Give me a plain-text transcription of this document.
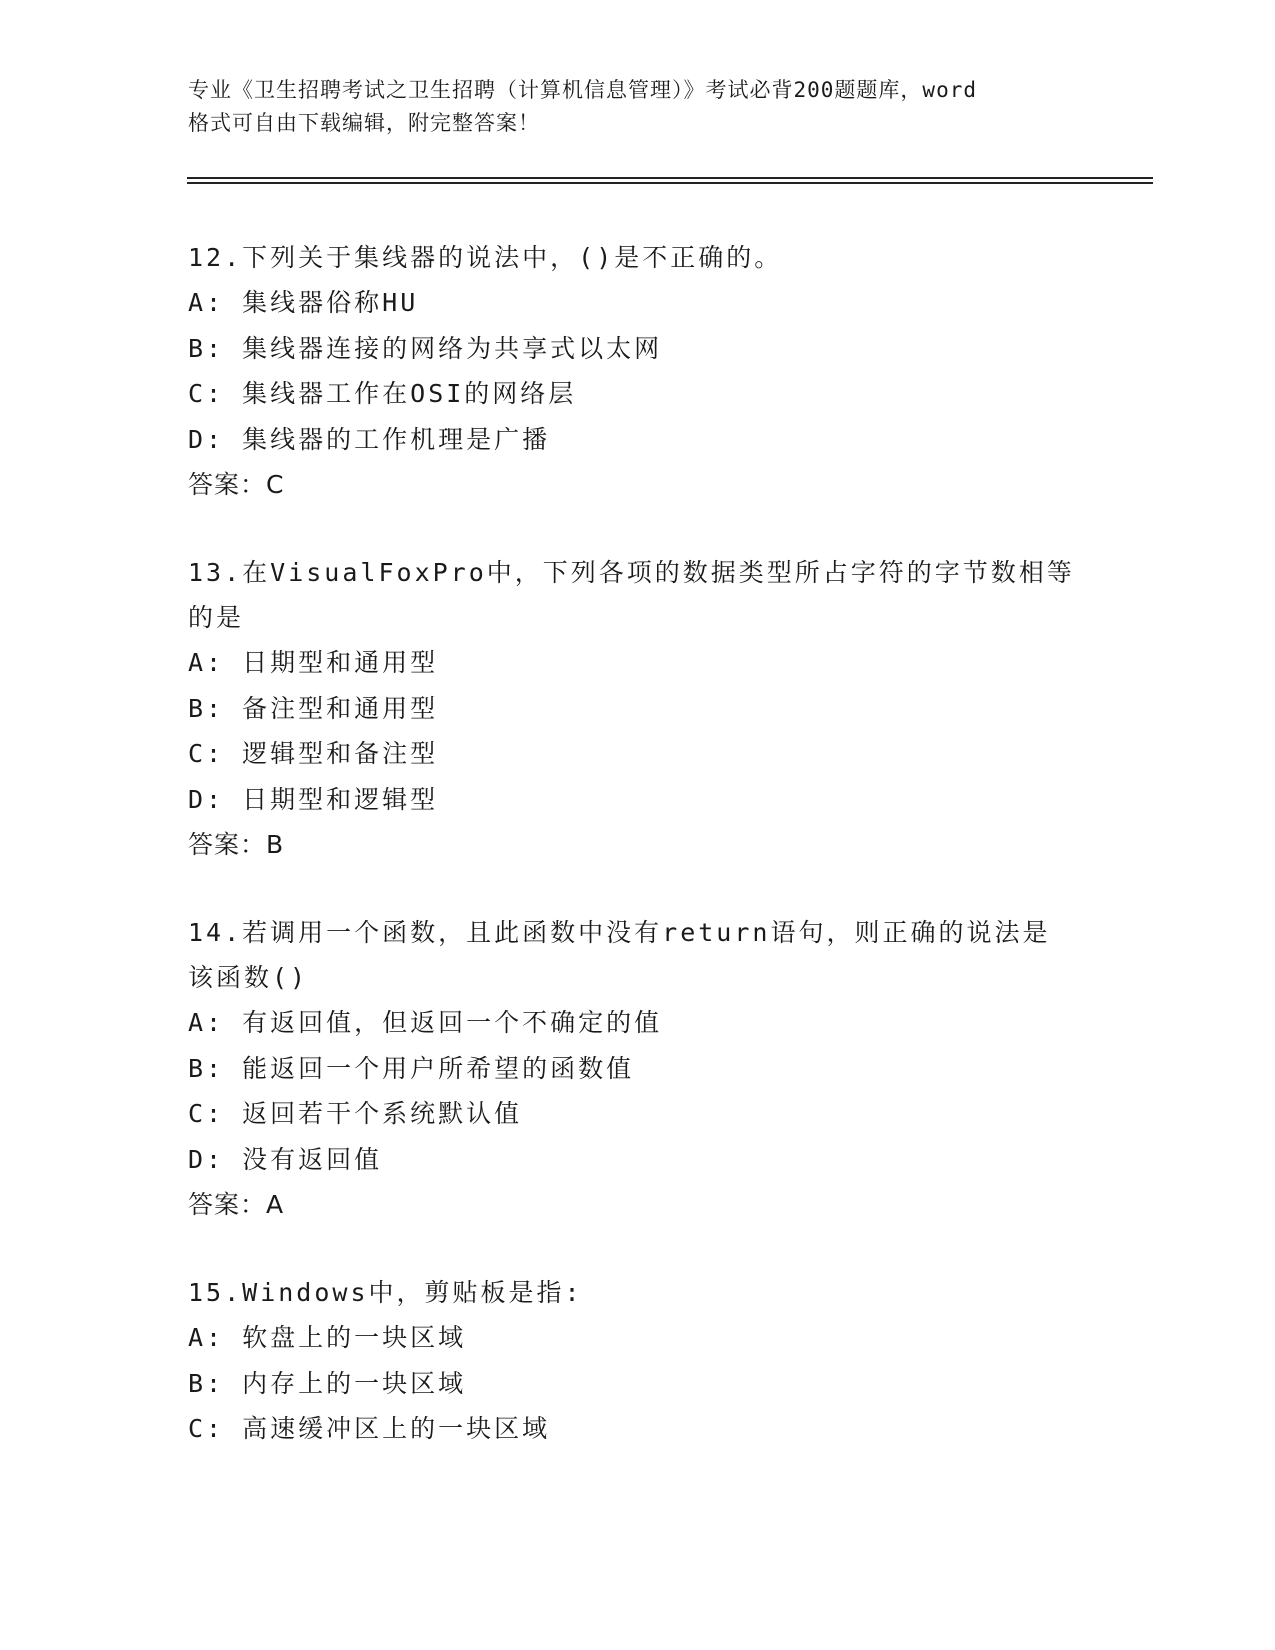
专业《卫生招聘考试之卫生招聘（计算机信息管理）》考试必背200题题库，word
格式可自由下载编辑，附完整答案！
12.下列关于集线器的说法中，()是不正确的。
A: 集线器俗称HU
B: 集线器连接的网络为共享式以太网
C: 集线器工作在OSI的网络层
D: 集线器的工作机理是广播
答案：C
13.在VisualFoxPro中，下列各项的数据类型所占字符的字节数相等
的是
A: 日期型和通用型
B: 备注型和通用型
C: 逻辑型和备注型
D: 日期型和逻辑型
答案：B
14.若调用一个函数，且此函数中没有return语句，则正确的说法是
该函数()
A: 有返回值，但返回一个不确定的值
B: 能返回一个用户所希望的函数值
C: 返回若干个系统默认值
D: 没有返回值
答案：A
15.Windows中，剪贴板是指:
A: 软盘上的一块区域
B: 内存上的一块区域
C: 高速缓冲区上的一块区域
